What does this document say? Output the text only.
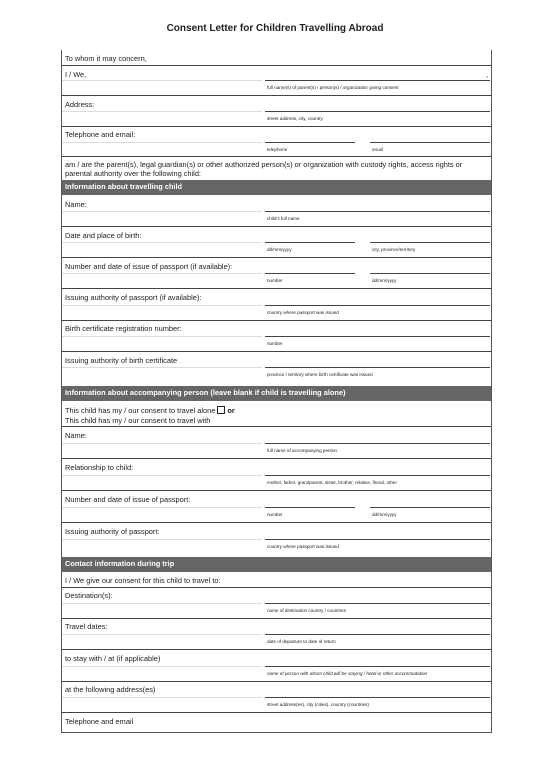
Consent Letter for Children Travelling Abroad
To whom it may concern,
I / We,	,
full name(s) of parent(s) / person(s) / organization giving consent
Address:
street address, city, country
Telephone and email:
telephone	email
am / are the parent(s), legal guardian(s) or other authorized person(s) or organization with custody rights, access rights or
parental authority over the following child:
Information about travelling child
Name:
child's full name
Date and place of birth:
dd/mm/yyyy	city, province/territory
Number and date of issue of passport (if available):
number	dd/mm/yyyy
Issuing authority of passport (if available):
country where passport was issued
Birth certificate registration number:
number
Issuing authority of birth certificate
province / territory where birth certificate was issued
Information about accompanying person (leave blank if child is travelling alone)
This child has my / our consent to travel alone or
This child has my / our consent to travel with
Name:
full name of accompanying person
Relationship to child:
mother, father, grandparent, sister, brother, relative, friend, other
Number and date of issue of passport:
number	dd/mm/yyyy
Issuing authority of passport:
country where passport was issued
Contact information during trip
I / We give our consent for this child to travel to:
Destination(s):
name of destination country / countries
Travel dates:
date of departure to date of return
to stay with / at (if applicable)
name of person with whom child will be staying / hotel or other accommodation
at the following address(es)
street address(es), city (cities), country (countries)
Telephone and email
